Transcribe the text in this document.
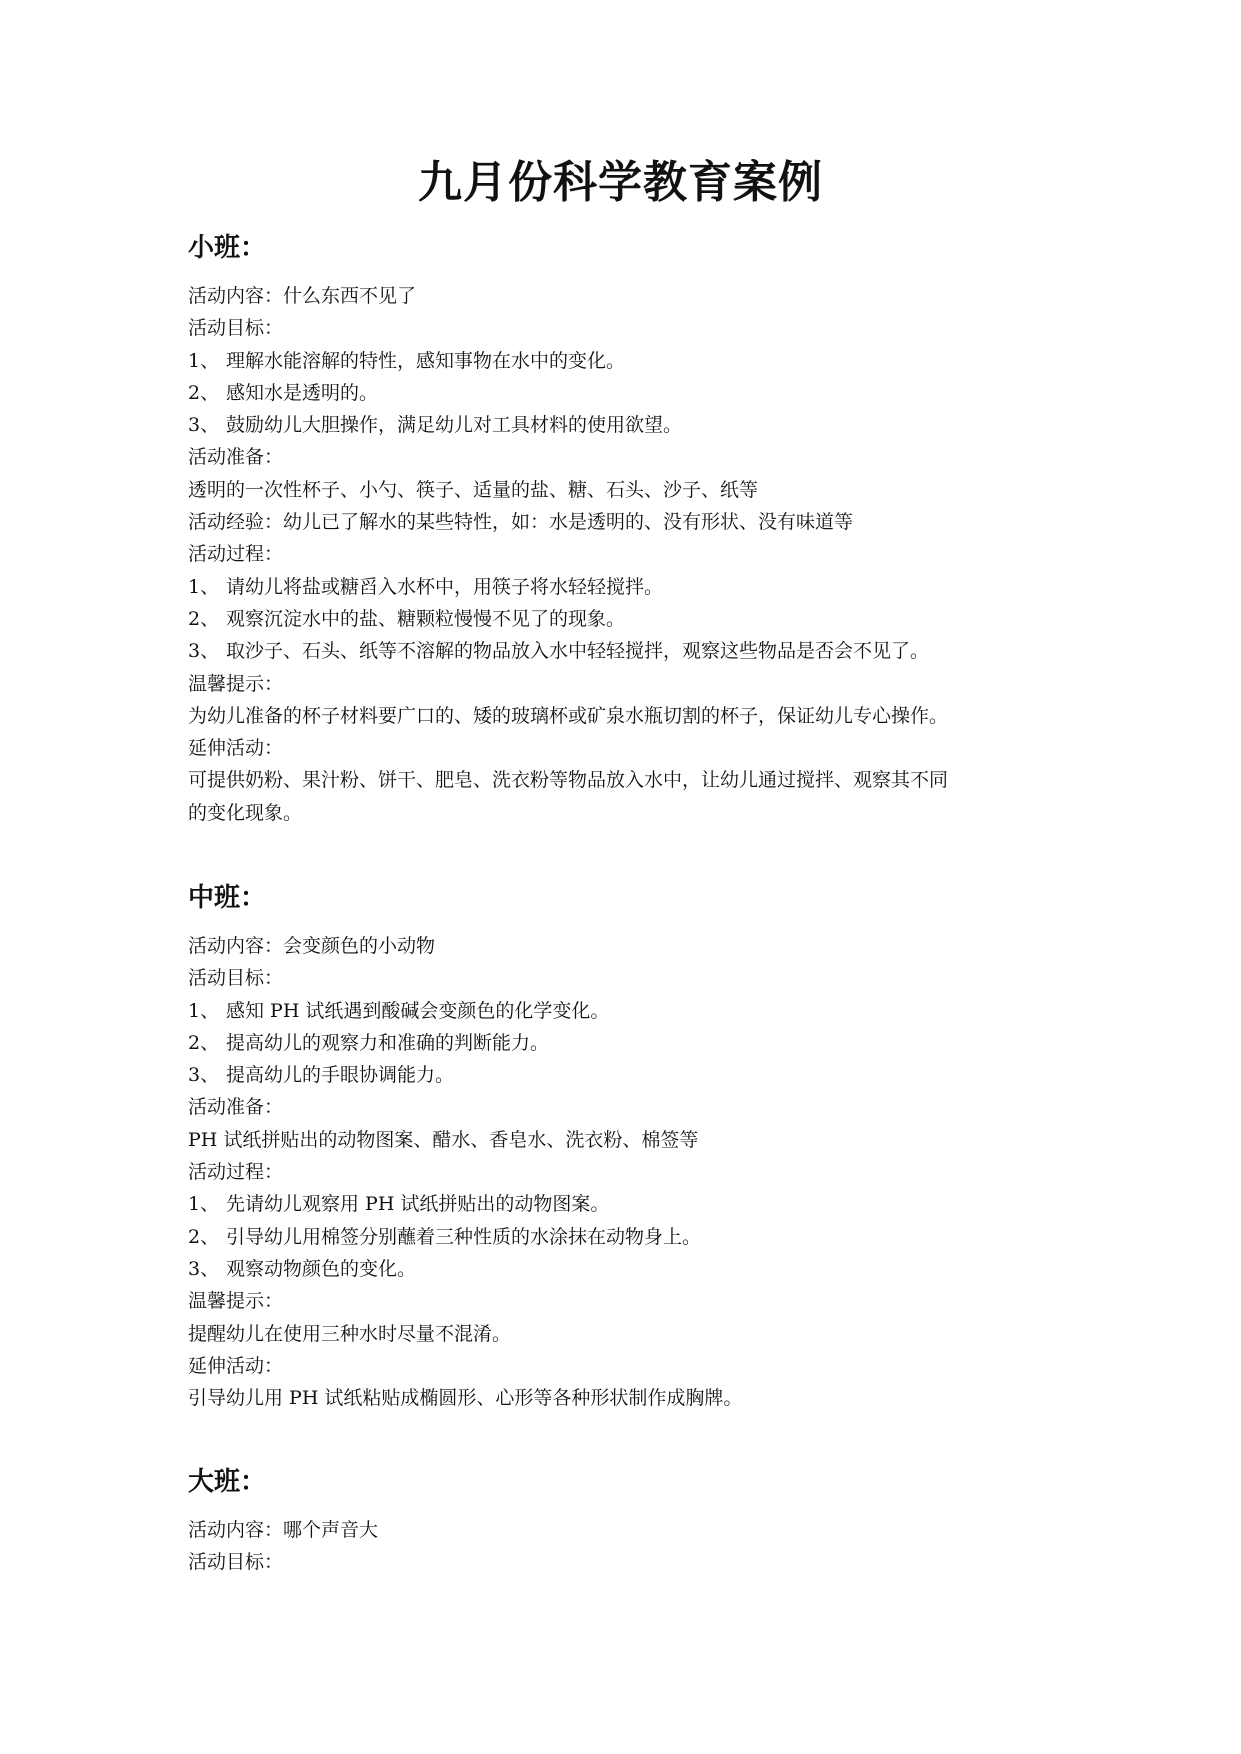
九月份科学教育案例
小班：

活动内容：什么东西不见了

活动目标：

1、 理解水能溶解的特性，感知事物在水中的变化。
2、 感知水是透明的。
3、 鼓励幼儿大胆操作，满足幼儿对工具材料的使用欲望。

活动准备：

透明的一次性杯子、小勺、筷子、适量的盐、糖、石头、沙子、纸等

活动经验：幼儿已了解水的某些特性，如：水是透明的、没有形状、没有味道等

活动过程：

1、 请幼儿将盐或糖舀入水杯中，用筷子将水轻轻搅拌。
2、 观察沉淀水中的盐、糖颗粒慢慢不见了的现象。
3、 取沙子、石头、纸等不溶解的物品放入水中轻轻搅拌，观察这些物品是否会不见了。

温馨提示：

为幼儿准备的杯子材料要广口的、矮的玻璃杯或矿泉水瓶切割的杯子，保证幼儿专心操作。

延伸活动：

可提供奶粉、果汁粉、饼干、肥皂、洗衣粉等物品放入水中，让幼儿通过搅拌、观察其不同

的变化现象。

中班：

活动内容：会变颜色的小动物

活动目标：

1、 感知 PH 试纸遇到酸碱会变颜色的化学变化。
2、 提高幼儿的观察力和准确的判断能力。
3、 提高幼儿的手眼协调能力。

活动准备：

PH 试纸拼贴出的动物图案、醋水、香皂水、洗衣粉、棉签等

活动过程：

1、 先请幼儿观察用 PH 试纸拼贴出的动物图案。
2、 引导幼儿用棉签分别蘸着三种性质的水涂抹在动物身上。
3、 观察动物颜色的变化。

温馨提示：

提醒幼儿在使用三种水时尽量不混淆。

延伸活动：

引导幼儿用 PH 试纸粘贴成椭圆形、心形等各种形状制作成胸牌。

大班：

活动内容：哪个声音大

活动目标：
